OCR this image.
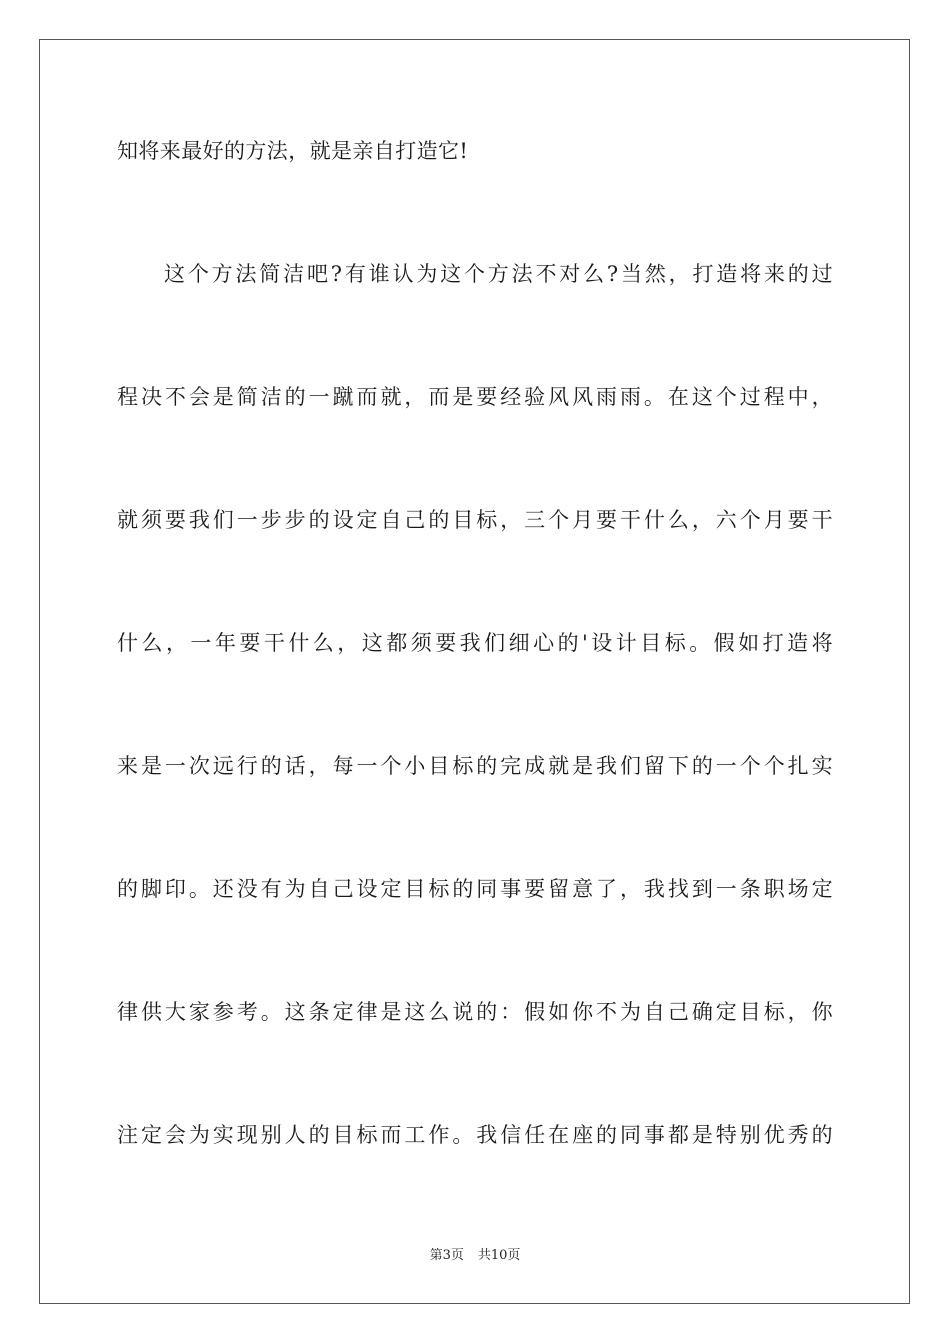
知将来最好的方法，就是亲自打造它!
这个方法简洁吧?有谁认为这个方法不对么?当然，打造将来的过
程决不会是简洁的一蹴而就，而是要经验风风雨雨。在这个过程中，
就须要我们一步步的设定自己的目标，三个月要干什么，六个月要干
什么，一年要干什么，这都须要我们细心的'设计目标。假如打造将
来是一次远行的话，每一个小目标的完成就是我们留下的一个个扎实
的脚印。还没有为自己设定目标的同事要留意了，我找到一条职场定
律供大家参考。这条定律是这么说的：假如你不为自己确定目标，你
注定会为实现别人的目标而工作。我信任在座的同事都是特别优秀的
第3页 共10页
